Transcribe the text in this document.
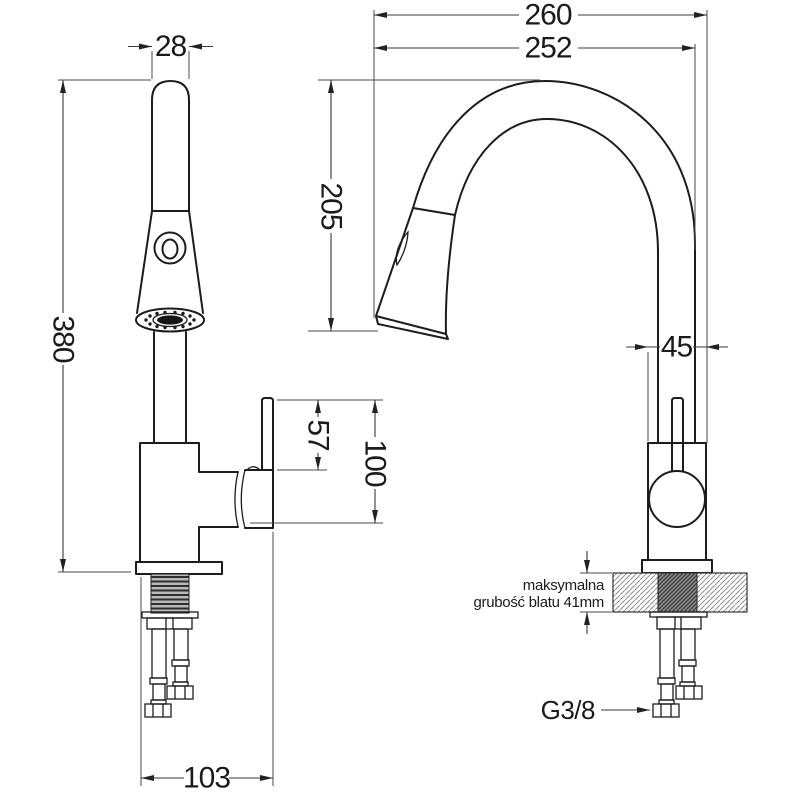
28
380
260
252
205
57
100
45
103
maksymalna
grubość blatu 41mm
G3/8
